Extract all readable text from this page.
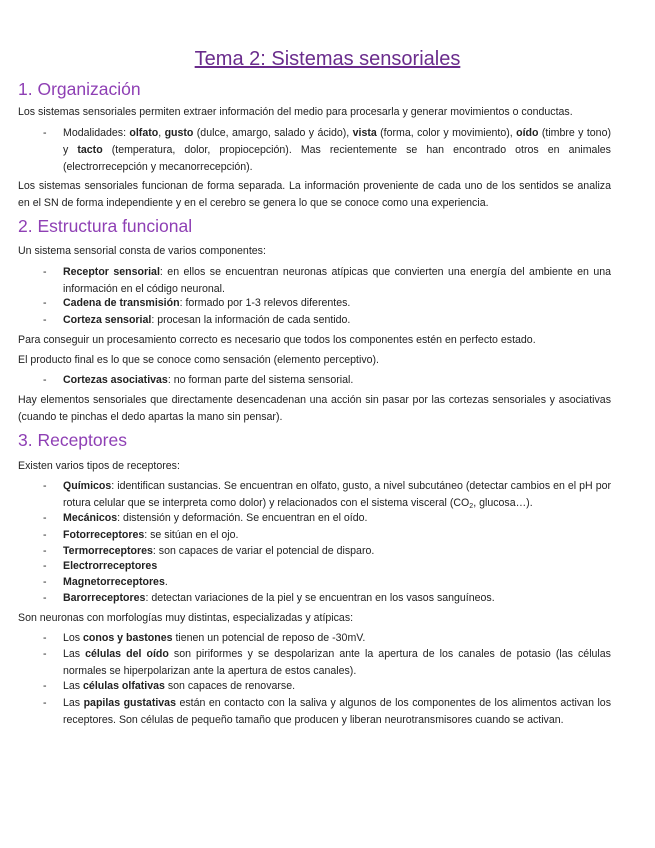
Tema 2: Sistemas sensoriales
1. Organización

Los sistemas sensoriales permiten extraer información del medio para procesarla y generar movimientos o conductas.

- Modalidades: olfato, gusto (dulce, amargo, salado y ácido), vista (forma, color y movimiento), oído (timbre y tono) y tacto (temperatura, dolor, propiocepción). Mas recientemente se han encontrado otros en animales (electrorrecepción y mecanorrecepción).

Los sistemas sensoriales funcionan de forma separada. La información proveniente de cada uno de los sentidos se analiza en el SN de forma independiente y en el cerebro se genera lo que se conoce como una experiencia.

2. Estructura funcional

Un sistema sensorial consta de varios componentes:

- Receptor sensorial: en ellos se encuentran neuronas atípicas que convierten una energía del ambiente en una información en el código neuronal.

- Cadena de transmisión: formado por 1-3 relevos diferentes.

- Corteza sensorial: procesan la información de cada sentido.

Para conseguir un procesamiento correcto es necesario que todos los componentes estén en perfecto estado.

El producto final es lo que se conoce como sensación (elemento perceptivo).

- Cortezas asociativas: no forman parte del sistema sensorial.

Hay elementos sensoriales que directamente desencadenan una acción sin pasar por las cortezas sensoriales y asociativas (cuando te pinchas el dedo apartas la mano sin pensar).

3. Receptores

Existen varios tipos de receptores:

- Químicos: identifican sustancias. Se encuentran en olfato, gusto, a nivel subcutáneo (detectar cambios en el pH por rotura celular que se interpreta como dolor) y relacionados con el sistema visceral ($CO_2$, glucosa…).

- Mecánicos: distensión y deformación. Se encuentran en el oído.

- Fotorreceptores: se sitúan en el ojo.

- Termorreceptores: son capaces de variar el potencial de disparo.

- Electrorreceptores

- Magnetorreceptores.

- Barorreceptores: detectan variaciones de la piel y se encuentran en los vasos sanguíneos.

Son neuronas con morfologías muy distintas, especializadas y atípicas:

- Los conos y bastones tienen un potencial de reposo de -30mV.

- Las células del oído son piriformes y se despolarizan ante la apertura de los canales de potasio (las células normales se hiperpolarizan ante la apertura de estos canales).

- Las células olfativas son capaces de renovarse.

- Las papilas gustativas están en contacto con la saliva y algunos de los componentes de los alimentos activan los receptores. Son células de pequeño tamaño que producen y liberan neurotransmisores cuando se activan.
